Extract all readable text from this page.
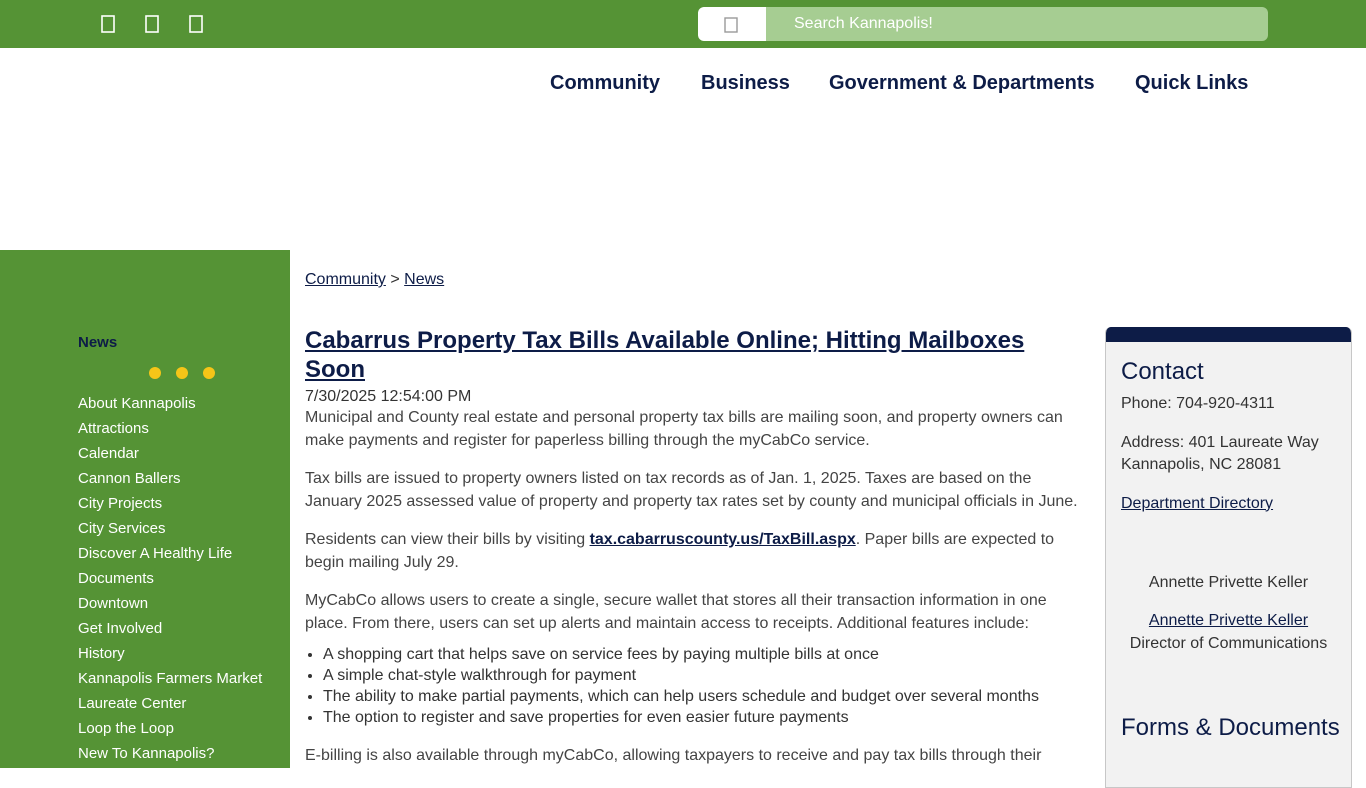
Search Kannapolis!
Community Business Government & Departments Quick Links
News
About Kannapolis
Attractions
Calendar
Cannon Ballers
City Projects
City Services
Discover A Healthy Life
Documents
Downtown
Get Involved
History
Kannapolis Farmers Market
Laureate Center
Loop the Loop
New To Kannapolis?
Community > News
Cabarrus Property Tax Bills Available Online; Hitting Mailboxes Soon
7/30/2025 12:54:00 PM

Municipal and County real estate and personal property tax bills are mailing soon, and property owners can make payments and register for paperless billing through the myCabCo service.

Tax bills are issued to property owners listed on tax records as of Jan. 1, 2025. Taxes are based on the January 2025 assessed value of property and property tax rates set by county and municipal officials in June.

Residents can view their bills by visiting tax.cabarruscounty.us/TaxBill.aspx. Paper bills are expected to begin mailing July 29.

MyCabCo allows users to create a single, secure wallet that stores all their transaction information in one place. From there, users can set up alerts and maintain access to receipts. Additional features include:

• A shopping cart that helps save on service fees by paying multiple bills at once
• A simple chat-style walkthrough for payment
• The ability to make partial payments, which can help users schedule and budget over several months
• The option to register and save properties for even easier future payments

E-billing is also available through myCabCo, allowing taxpayers to receive and pay tax bills through their

Contact
Phone: 704-920-4311
Address: 401 Laureate Way
Kannapolis, NC 28081
Department Directory
Annette Privette Keller
Annette Privette Keller
Director of Communications
Forms & Documents
